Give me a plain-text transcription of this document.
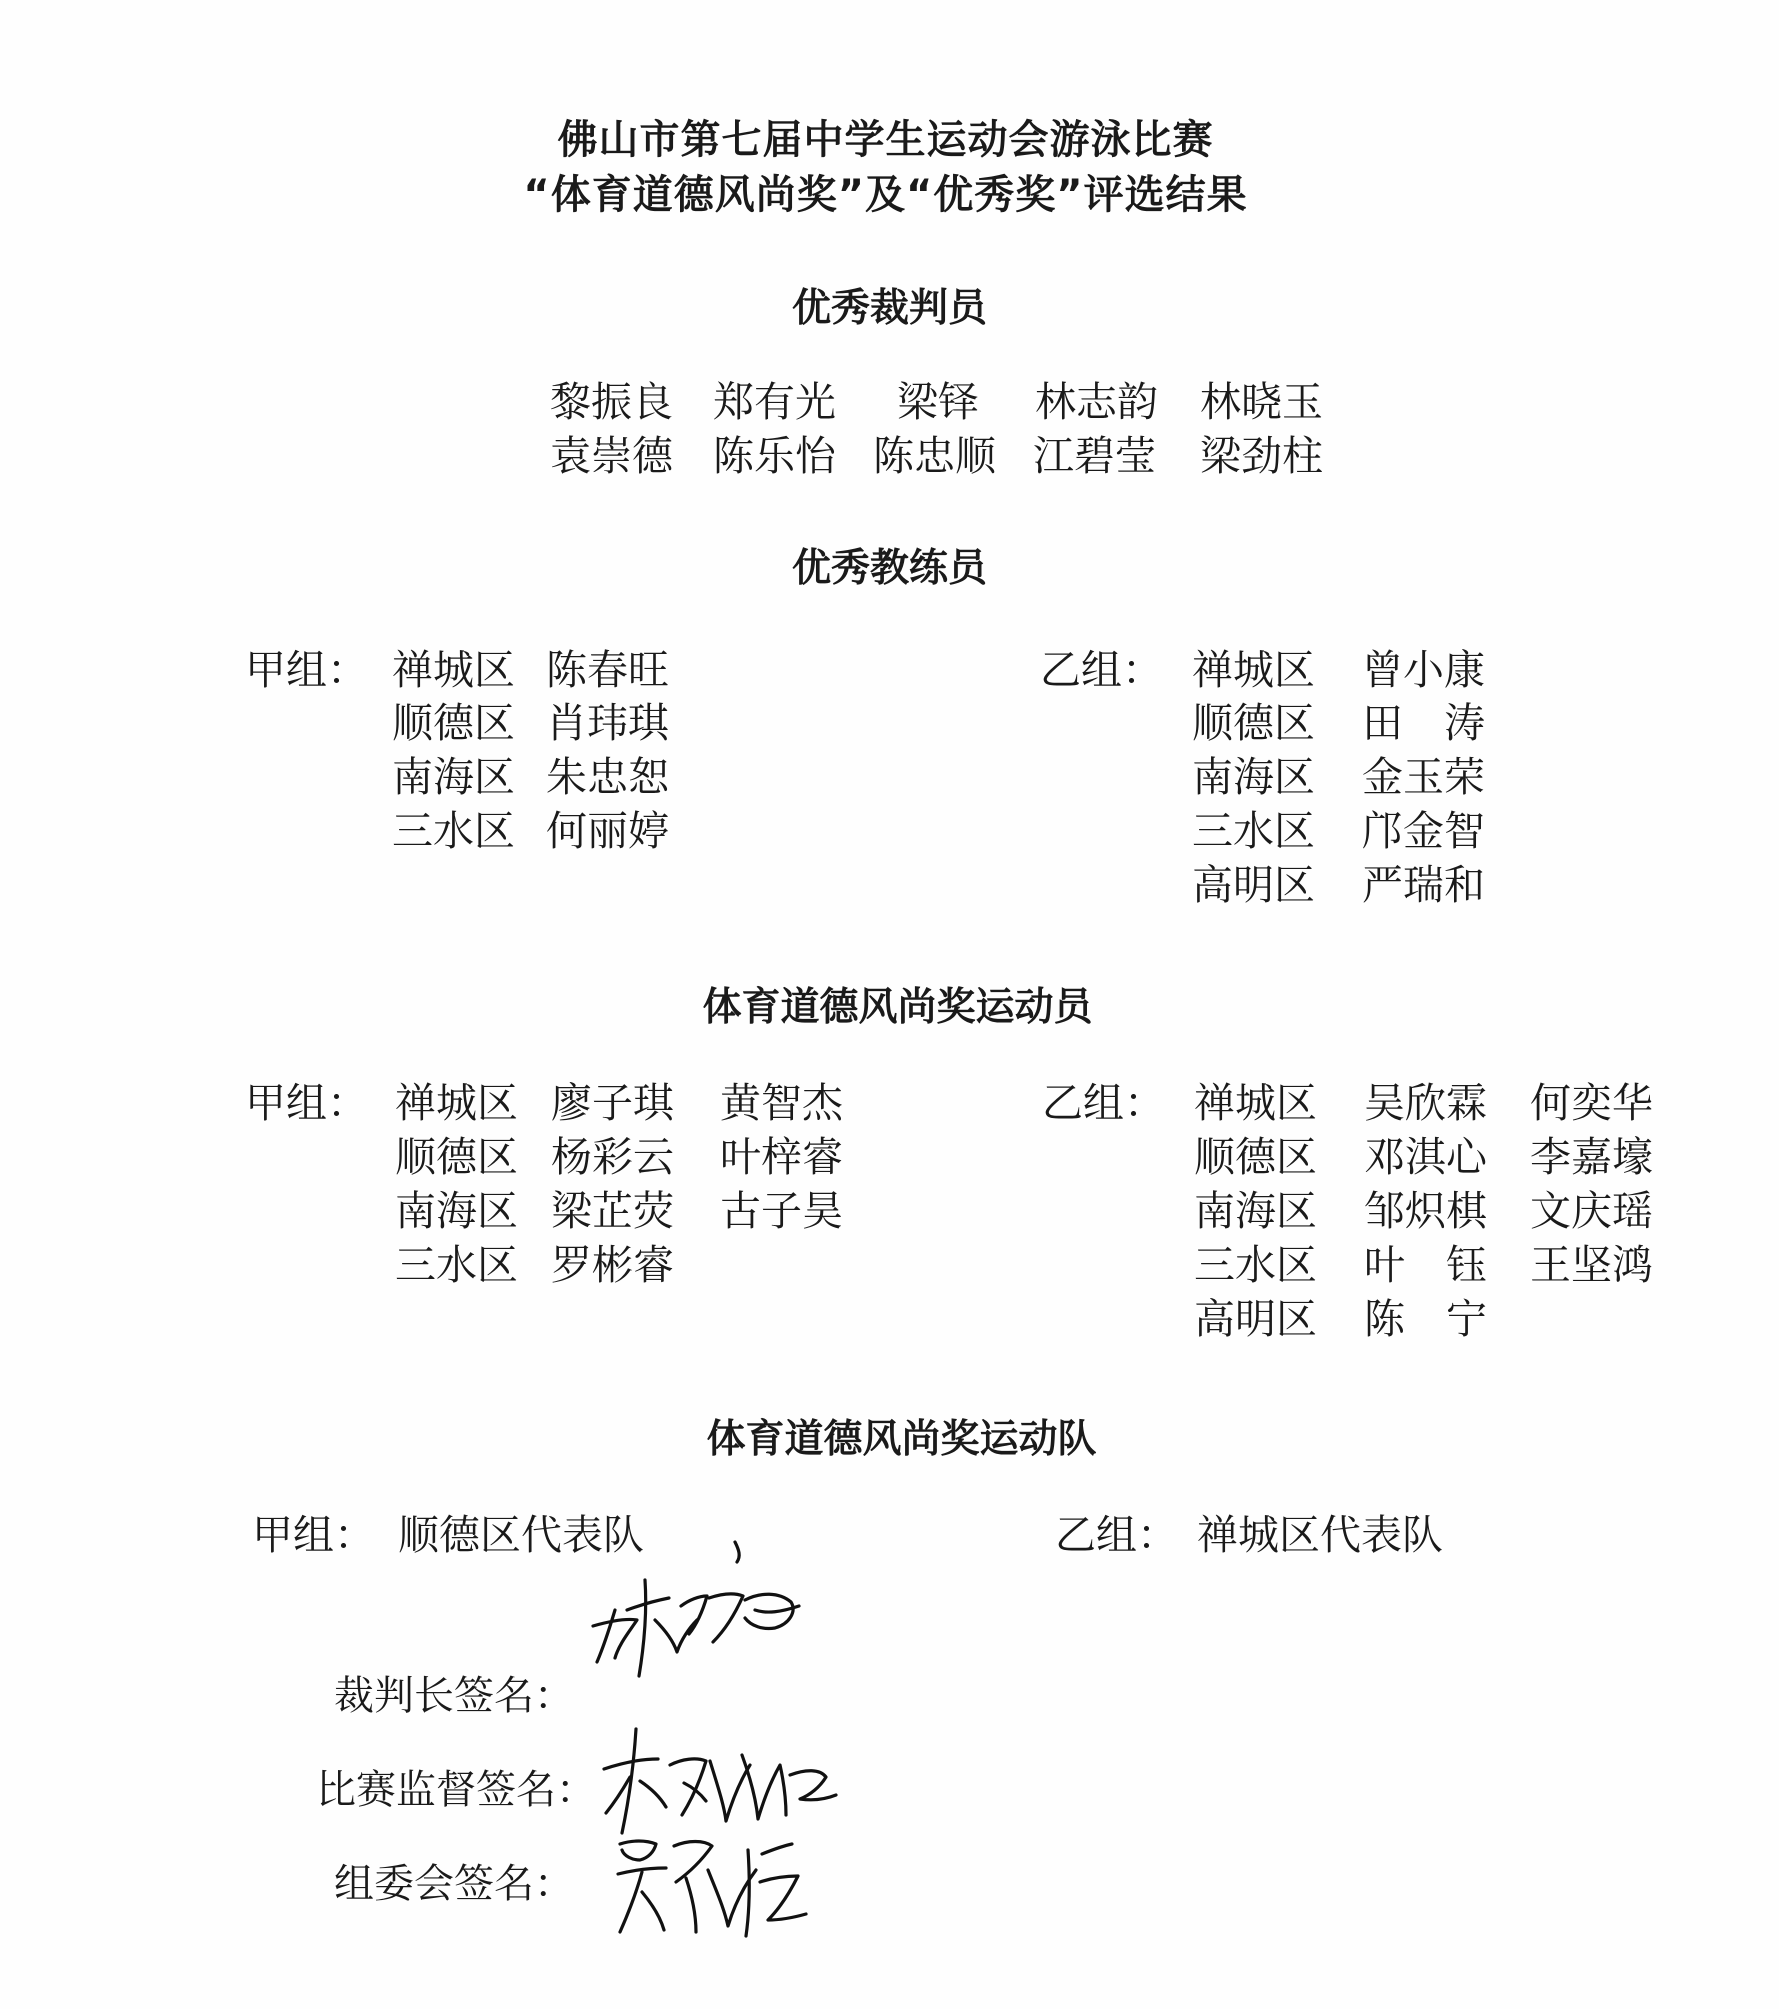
佛山市第七届中学生运动会游泳比赛
“体育道德风尚奖”及“优秀奖”评选结果
优秀裁判员
黎振良 郑有光 梁铎 林志韵 林晓玉
袁崇德 陈乐怡 陈忠顺 江碧莹 梁劲柱
优秀教练员
甲组： 禅城区 陈春旺
顺德区 肖玮琪
南海区 朱忠恕
三水区 何丽婷
乙组： 禅城区 曾小康
顺德区 田　涛
南海区 金玉荣
三水区 邝金智
高明区 严瑞和
体育道德风尚奖运动员
甲组： 禅城区 廖子琪 黄智杰
顺德区 杨彩云 叶梓睿
南海区 梁芷荧 古子昊
三水区 罗彬睿
乙组： 禅城区 吴欣霖 何奕华
顺德区 邓淇心 李嘉壕
南海区 邹炽棋 文庆瑶
三水区 叶　钰 王坚鸿
高明区 陈　宁
体育道德风尚奖运动队
甲组： 顺德区代表队	乙组： 禅城区代表队
裁判长签名：
比赛监督签名：
组委会签名：
